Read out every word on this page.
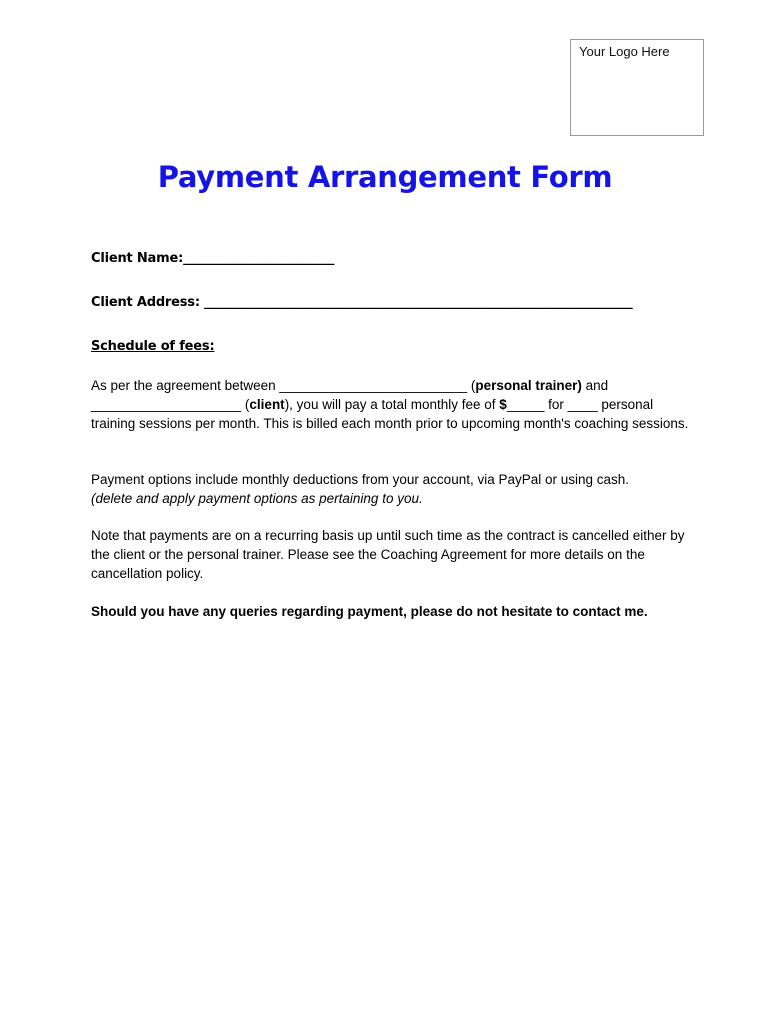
Your Logo Here
Payment Arrangement Form
Client Name:________________________
Client Address: ____________________________________________________________________
Schedule of fees:

As per the agreement between _________________________ (personal trainer) and
____________________ (client), you will pay a total monthly fee of $_____ for ____ personal training sessions per month. This is billed each month prior to upcoming month's coaching sessions.

Payment options include monthly deductions from your account, via PayPal or using cash.
(delete and apply payment options as pertaining to you.

Note that payments are on a recurring basis up until such time as the contract is cancelled either by the client or the personal trainer. Please see the Coaching Agreement for more details on the cancellation policy.

Should you have any queries regarding payment, please do not hesitate to contact me.
